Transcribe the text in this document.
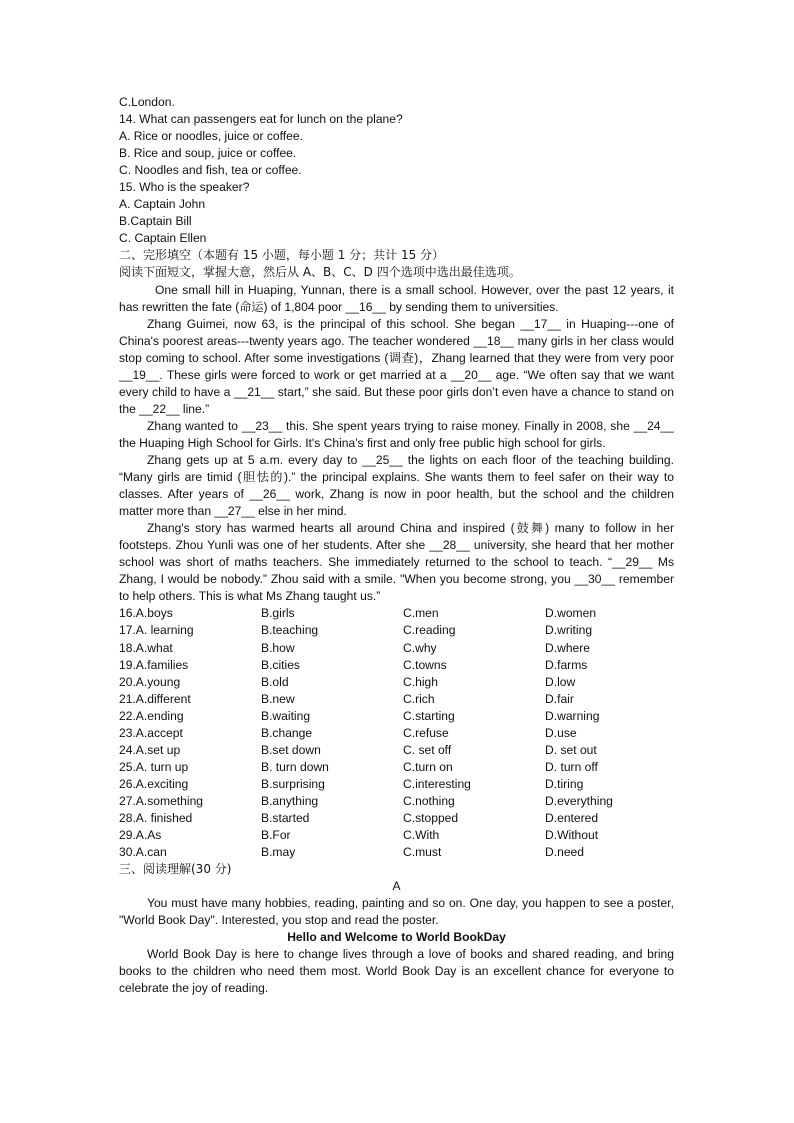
C.London.
14. What can passengers eat for lunch on the plane?
A. Rice or noodles, juice or coffee.
B. Rice and soup, juice or coffee.
C. Noodles and fish, tea or coffee.
15. Who is the speaker?
A. Captain John
B.Captain Bill
C. Captain Ellen
二、完形填空（本题有 15 小题，每小题 1 分；共计 15 分）
阅读下面短文，掌握大意，然后从 A、B、C、D 四个选项中选出最佳选项。

One small hill in Huaping, Yunnan, there is a small school. However, over the past 12 years, it has rewritten the fate (命运) of 1,804 poor __16__ by sending them to universities.

Zhang Guimei, now 63, is the principal of this school. She began __17__ in Huaping---one of China's poorest areas---twenty years ago. The teacher wondered __18__ many girls in her class would stop coming to school. After some investigations (调查)，Zhang learned that they were from very poor __19__. These girls were forced to work or get married at a __20__ age. “We often say that we want every child to have a __21__ start,” she said. But these poor girls don’t even have a chance to stand on the __22__ line.”

Zhang wanted to __23__ this. She spent years trying to raise money. Finally in 2008, she __24__ the Huaping High School for Girls. It's China's first and only free public high school for girls.

Zhang gets up at 5 a.m. every day to __25__ the lights on each floor of the teaching building. “Many girls are timid (胆怯的).” the principal explains. She wants them to feel safer on their way to classes. After years of __26__ work, Zhang is now in poor health, but the school and the children matter more than __27__ else in her mind.

Zhang's story has warmed hearts all around China and inspired (鼓舞) many to follow in her footsteps. Zhou Yunli was one of her students. After she __28__ university, she heard that her mother school was short of maths teachers. She immediately returned to the school to teach. “__29__ Ms Zhang, I would be nobody.” Zhou said with a smile. "When you become strong, you __30__ remember to help others. This is what Ms Zhang taught us.”

16.A.boys	B.girls	C.men	D.women
17.A. learning	B.teaching	C.reading	D.writing
18.A.what	B.how	C.why	D.where
19.A.families	B.cities	C.towns	D.farms
20.A.young	B.old	C.high	D.low
21.A.different	B.new	C.rich	D.fair
22.A.ending	B.waiting	C.starting	D.warning
23.A.accept	B.change	C.refuse	D.use
24.A.set up	B.set down	C. set off	D. set out
25.A. turn up	B. turn down	C.turn on	D. turn off
26.A.exciting	B.surprising	C.interesting	D.tiring
27.A.something	B.anything	C.nothing	D.everything
28.A. finished	B.started	C.stopped	D.entered
29.A.As	B.For	C.With	D.Without
30.A.can	B.may	C.must	D.need
三、阅读理解(30 分)
A

You must have many hobbies, reading, painting and so on. One day, you happen to see a poster, "World Book Day". Interested, you stop and read the poster.

Hello and Welcome to World BookDay

World Book Day is here to change lives through a love of books and shared reading, and bring books to the children who need them most. World Book Day is an excellent chance for everyone to celebrate the joy of reading.
